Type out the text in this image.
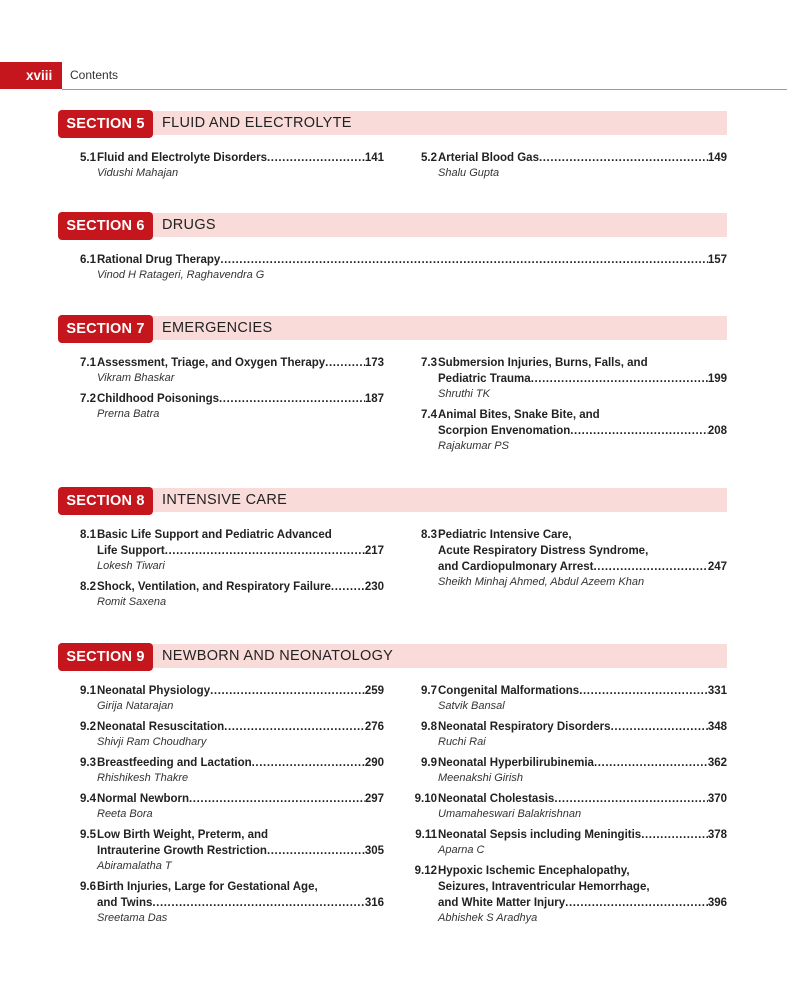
xviii	Contents
SECTION 5	FLUID AND ELECTROLYTE
5.1 Fluid and Electrolyte Disorders .....	141
Vidushi Mahajan
5.2 Arterial Blood Gas .....	149
Shalu Gupta
SECTION 6	DRUGS
6.1 Rational Drug Therapy .....	157
Vinod H Ratageri, Raghavendra G
SECTION 7	EMERGENCIES
7.1 Assessment, Triage, and Oxygen Therapy .....	173
Vikram Bhaskar
7.2 Childhood Poisonings .....	187
Prerna Batra
7.3 Submersion Injuries, Burns, Falls, and
Pediatric Trauma .....	199
Shruthi TK
7.4 Animal Bites, Snake Bite, and
Scorpion Envenomation .....	208
Rajakumar PS
SECTION 8	INTENSIVE CARE
8.1 Basic Life Support and Pediatric Advanced
Life Support .....	217
Lokesh Tiwari
8.2 Shock, Ventilation, and Respiratory Failure .....	230
Romit Saxena
8.3 Pediatric Intensive Care,
Acute Respiratory Distress Syndrome,
and Cardiopulmonary Arrest .....	247
Sheikh Minhaj Ahmed, Abdul Azeem Khan
SECTION 9	NEWBORN AND NEONATOLOGY
9.1 Neonatal Physiology .....	259
Girija Natarajan
9.2 Neonatal Resuscitation .....	276
Shivji Ram Choudhary
9.3 Breastfeeding and Lactation .....	290
Rhishikesh Thakre
9.4 Normal Newborn .....	297
Reeta Bora
9.5 Low Birth Weight, Preterm, and
Intrauterine Growth Restriction .....	305
Abiramalatha T
9.6 Birth Injuries, Large for Gestational Age,
and Twins .....	316
Sreetama Das
9.7 Congenital Malformations .....	331
Satvik Bansal
9.8 Neonatal Respiratory Disorders .....	348
Ruchi Rai
9.9 Neonatal Hyperbilirubinemia .....	362
Meenakshi Girish
9.10 Neonatal Cholestasis .....	370
Umamaheswari Balakrishnan
9.11 Neonatal Sepsis including Meningitis .....	378
Aparna C
9.12 Hypoxic Ischemic Encephalopathy,
Seizures, Intraventricular Hemorrhage,
and White Matter Injury .....	396
Abhishek S Aradhya
